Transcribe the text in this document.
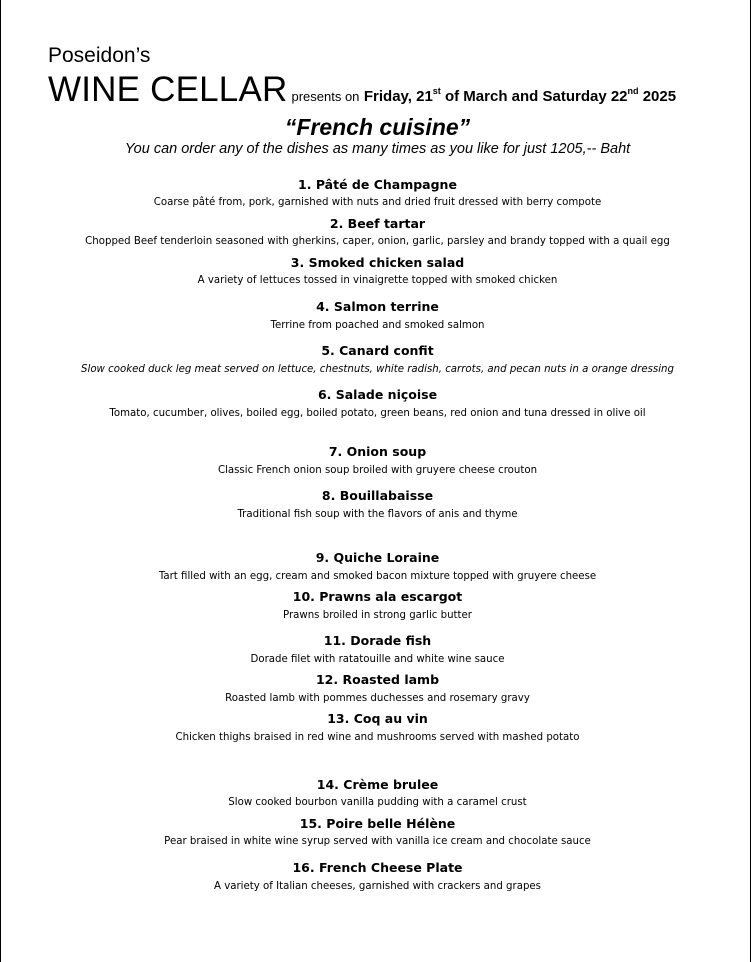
Poseidon’s
WINE CELLAR presents on Friday, 21st of March and Saturday 22nd 2025
“French cuisine”
You can order any of the dishes as many times as you like for just 1205,-- Baht
1. Pâté de Champagne
Coarse pâté from, pork, garnished with nuts and dried fruit dressed with berry compote
2. Beef tartar
Chopped Beef tenderloin seasoned with gherkins, caper, onion, garlic, parsley and brandy topped with a quail egg
3. Smoked chicken salad
A variety of lettuces tossed in vinaigrette topped with smoked chicken
4. Salmon terrine
Terrine from poached and smoked salmon
5. Canard confit
Slow cooked duck leg meat served on lettuce, chestnuts, white radish, carrots, and pecan nuts in a orange dressing
6. Salade niçoise
Tomato, cucumber, olives, boiled egg, boiled potato, green beans, red onion and tuna dressed in olive oil
7. Onion soup
Classic French onion soup broiled with gruyere cheese crouton
8. Bouillabaisse
Traditional fish soup with the flavors of anis and thyme
9. Quiche Loraine
Tart filled with an egg, cream and smoked bacon mixture topped with gruyere cheese
10. Prawns ala escargot
Prawns broiled in strong garlic butter
11. Dorade fish
Dorade filet with ratatouille and white wine sauce
12. Roasted lamb
Roasted lamb with pommes duchesses and rosemary gravy
13. Coq au vin
Chicken thighs braised in red wine and mushrooms served with mashed potato
14. Crème brulee
Slow cooked bourbon vanilla pudding with a caramel crust
15. Poire belle Hélène
Pear braised in white wine syrup served with vanilla ice cream and chocolate sauce
16. French Cheese Plate
A variety of Italian cheeses, garnished with crackers and grapes
